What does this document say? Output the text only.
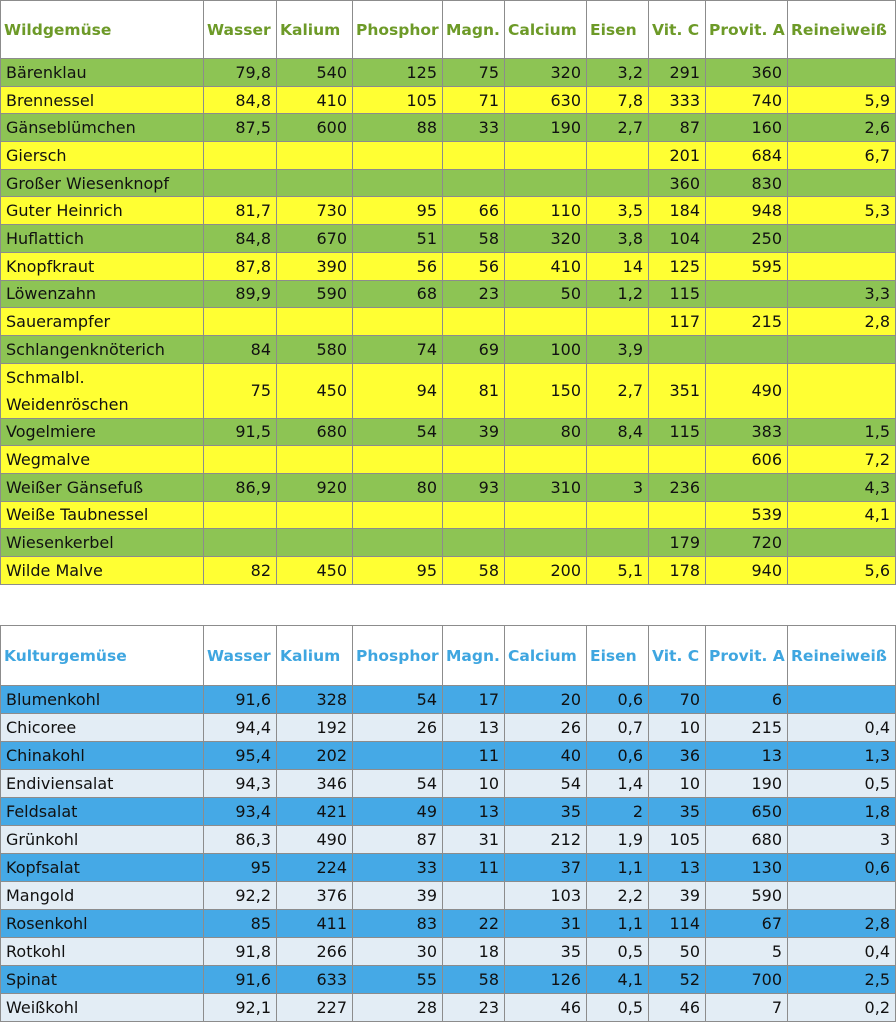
Wildgemüse	Wasser	Kalium	Phosphor	Magn.	Calcium	Eisen	Vit. C	Provit. A	Reineiweiß
Bärenklau	79,8	540	125	75	320	3,2	291	360	
Brennessel	84,8	410	105	71	630	7,8	333	740	5,9
Gänseblümchen	87,5	600	88	33	190	2,7	87	160	2,6
Giersch							201	684	6,7
Großer Wiesenknopf							360	830	
Guter Heinrich	81,7	730	95	66	110	3,5	184	948	5,3
Huflattich	84,8	670	51	58	320	3,8	104	250	
Knopfkraut	87,8	390	56	56	410	14	125	595	
Löwenzahn	89,9	590	68	23	50	1,2	115		3,3
Sauerampfer							117	215	2,8
Schlangenknöterich	84	580	74	69	100	3,9			
Schmalbl. Weidenröschen	75	450	94	81	150	2,7	351	490	
Vogelmiere	91,5	680	54	39	80	8,4	115	383	1,5
Wegmalve								606	7,2
Weißer Gänsefuß	86,9	920	80	93	310	3	236		4,3
Weiße Taubnessel								539	4,1
Wiesenkerbel							179	720	
Wilde Malve	82	450	95	58	200	5,1	178	940	5,6
Kulturgemüse	Wasser	Kalium	Phosphor	Magn.	Calcium	Eisen	Vit. C	Provit. A	Reineiweiß
Blumenkohl	91,6	328	54	17	20	0,6	70	6	
Chicoree	94,4	192	26	13	26	0,7	10	215	0,4
Chinakohl	95,4	202		11	40	0,6	36	13	1,3
Endiviensalat	94,3	346	54	10	54	1,4	10	190	0,5
Feldsalat	93,4	421	49	13	35	2	35	650	1,8
Grünkohl	86,3	490	87	31	212	1,9	105	680	3
Kopfsalat	95	224	33	11	37	1,1	13	130	0,6
Mangold	92,2	376	39		103	2,2	39	590	
Rosenkohl	85	411	83	22	31	1,1	114	67	2,8
Rotkohl	91,8	266	30	18	35	0,5	50	5	0,4
Spinat	91,6	633	55	58	126	4,1	52	700	2,5
Weißkohl	92,1	227	28	23	46	0,5	46	7	0,2
